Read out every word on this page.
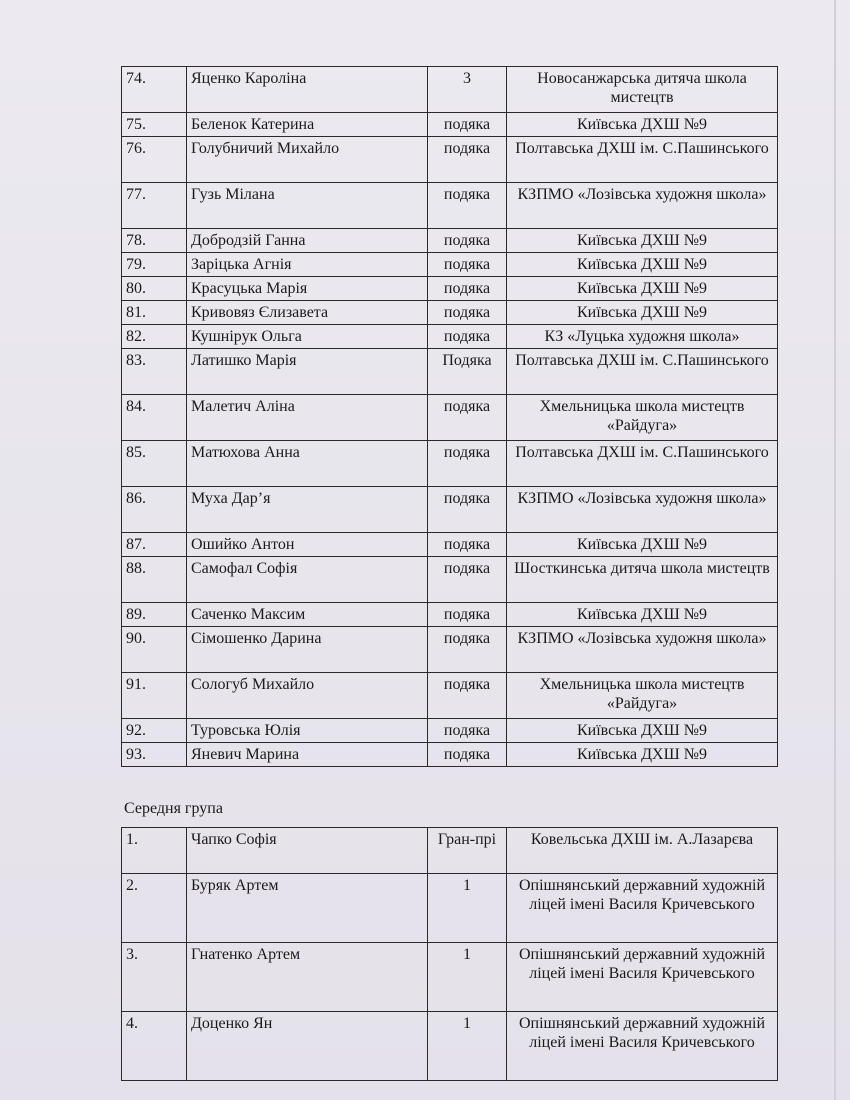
74.	Яценко Кароліна	3	Новосанжарська дитяча школа мистецтв
75.	Беленок Катерина	подяка	Київська ДХШ №9
76.	Голубничий Михайло	подяка	Полтавська ДХШ ім. С.Пашинського
77.	Гузь Мілана	подяка	КЗПМО «Лозівська художня школа»
78.	Добродзій Ганна	подяка	Київська ДХШ №9
79.	Заріцька Агнія	подяка	Київська ДХШ №9
80.	Красуцька Марія	подяка	Київська ДХШ №9
81.	Кривовяз Єлизавета	подяка	Київська ДХШ №9
82.	Кушнірук Ольга	подяка	КЗ «Луцька художня школа»
83.	Латишко Марія	Подяка	Полтавська ДХШ ім. С.Пашинського
84.	Малетич Аліна	подяка	Хмельницька школа мистецтв «Райдуга»
85.	Матюхова Анна	подяка	Полтавська ДХШ ім. С.Пашинського
86.	Муха Дар’я	подяка	КЗПМО «Лозівська художня школа»
87.	Ошийко Антон	подяка	Київська ДХШ №9
88.	Самофал Софія	подяка	Шосткинська дитяча школа мистецтв
89.	Саченко Максим	подяка	Київська ДХШ №9
90.	Сімошенко Дарина	подяка	КЗПМО «Лозівська художня школа»
91.	Сологуб Михайло	подяка	Хмельницька школа мистецтв «Райдуга»
92.	Туровська Юлія	подяка	Київська ДХШ №9
93.	Яневич Марина	подяка	Київська ДХШ №9
Середня група
1.	Чапко Софія	Гран-прі	Ковельська ДХШ ім. А.Лазарєва
2.	Буряк Артем	1	Опішнянський державний художній ліцей імені Василя Кричевського
3.	Гнатенко Артем	1	Опішнянський державний художній ліцей імені Василя Кричевського
4.	Доценко Ян	1	Опішнянський державний художній ліцей імені Василя Кричевського
